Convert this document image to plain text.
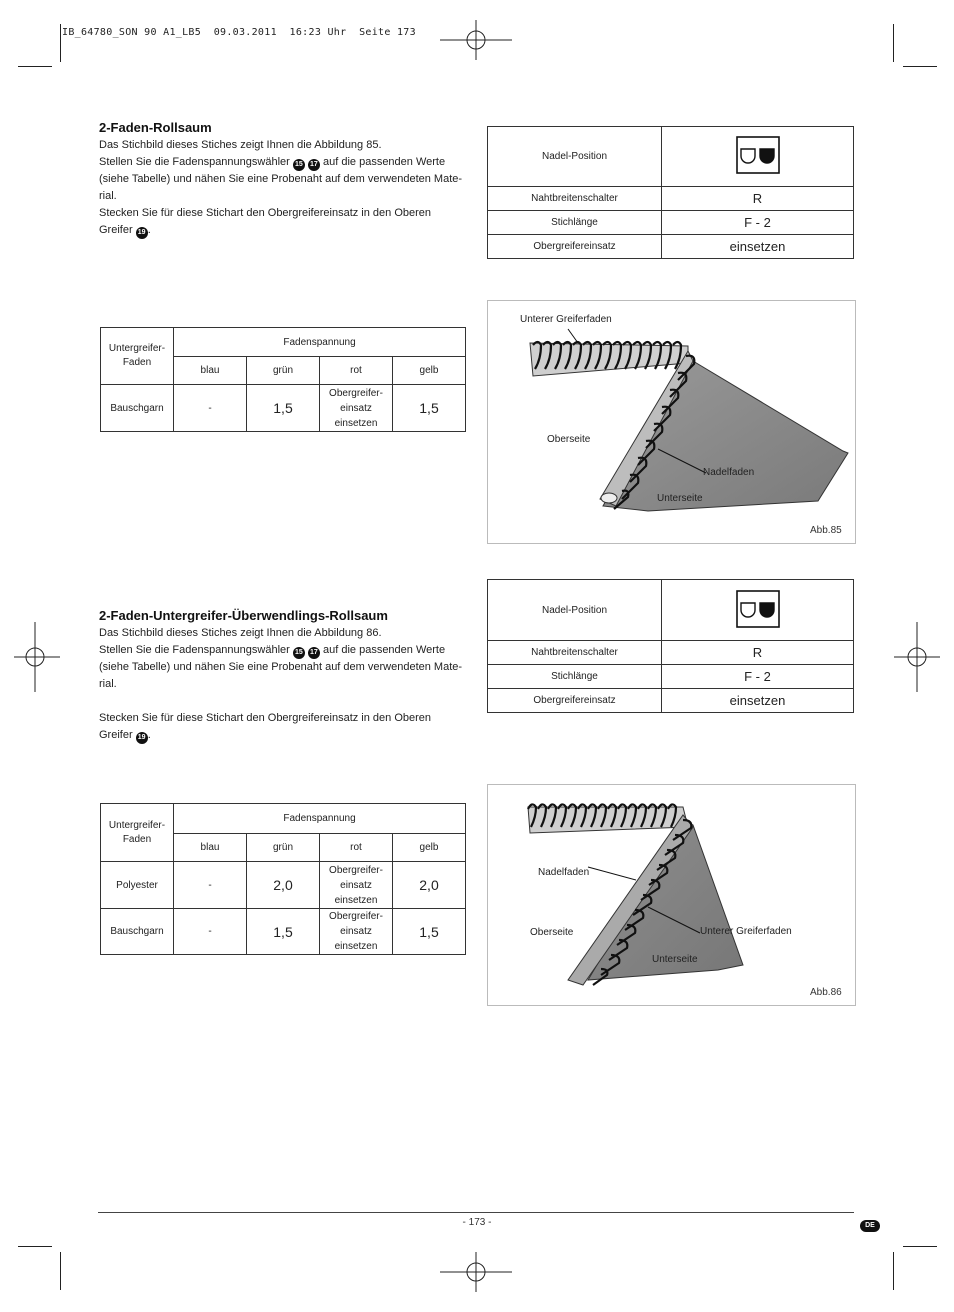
IB_64780_SON 90 A1_LB5  09.03.2011  16:23 Uhr  Seite 173
2-Faden-Rollsaum

Das Stichbild dieses Stiches zeigt Ihnen die Abbildung 85.

Stellen Sie die Fadenspannungswähler 15 17 auf die passenden Werte

(siehe Tabelle) und nähen Sie eine Probenaht auf dem verwendeten Mate-

rial.

Stecken Sie für diese Stichart den Obergreifereinsatz in den Oberen

Greifer 19 .

Nadel-Position	
Nahtbreitenschalter	R
Stichlänge	F - 2
Obergreifereinsatz	einsetzen
Untergreifer-
Faden	Fadenspannung			
	blau	grün	rot	gelb
Bauschgarn	-	1,5	Obergreifer-
einsatz
einsetzen	1,5
Unterer Greiferfaden
Oberseite
Nadelfaden
Unterseite
Abb.85
2-Faden-Untergreifer-Überwendlings-Rollsaum

Das Stichbild dieses Stiches zeigt Ihnen die Abbildung 86.

Stellen Sie die Fadenspannungswähler 15 17 auf die passenden Werte

(siehe Tabelle) und nähen Sie eine Probenaht auf dem verwendeten Mate-

rial.

Stecken Sie für diese Stichart den Obergreifereinsatz in den Oberen

Greifer 19 .

Nadel-Position	
Nahtbreitenschalter	R
Stichlänge	F - 2
Obergreifereinsatz	einsetzen
Untergreifer-
Faden	Fadenspannung			
	blau	grün	rot	gelb
Polyester	-	2,0	Obergreifer-
einsatz
einsetzen	2,0
Bauschgarn	-	1,5	Obergreifer-
einsatz
einsetzen	1,5
Nadelfaden
Oberseite	Unterer Greiferfaden
Unterseite
Abb.86
- 173 -	DE
